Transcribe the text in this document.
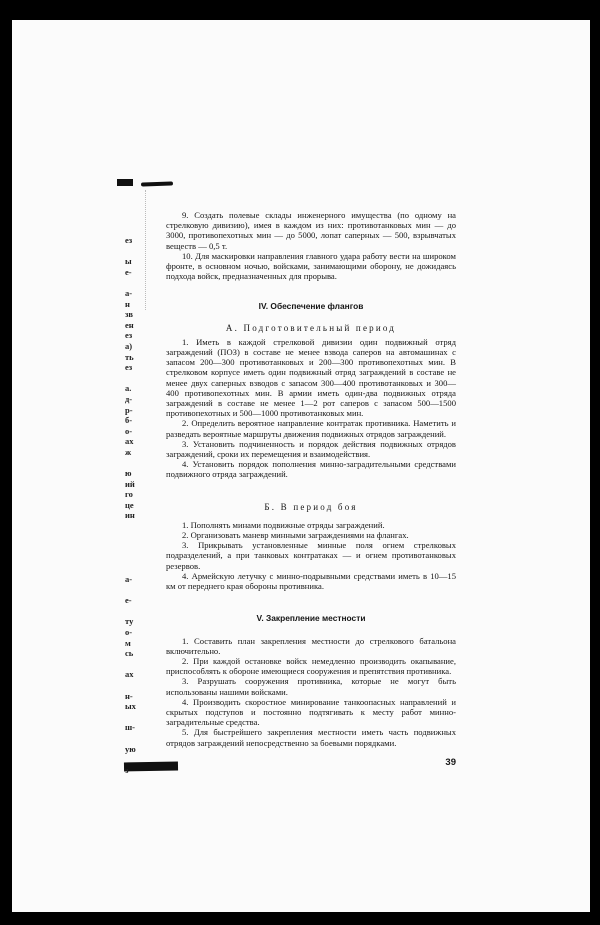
ез
ы
е-
а-
н
зв
ен
ез
а)
ть
ез
а.
д-
р-
б-
о-
ах
ж
ю
ий
го
це
ин
а-
е-
ту
о-
м
сь
ах
н-
ых
ш-
ую
з

9. Создать полевые склады инженерного имущества (по одному на стрелковую дивизию), имея в каждом из них: противотанковых мин — до 3000, противопехотных мин — до 5000, лопат саперных — 500, взрывчатых веществ — 0,5 т.

10. Для маскировки направления главного удара работу вести на широком фронте, в основном ночью, войсками, занимающими оборону, не дожидаясь подхода войск, предназначенных для прорыва.

IV. Обеспечение флангов

А. Подготовительный период

1. Иметь в каждой стрелковой дивизии один подвижный отряд заграждений (ПОЗ) в составе не менее взвода саперов на автомашинах с запасом 200—300 противотанковых и 200—300 противопехотных мин. В стрелковом корпусе иметь один подвижный отряд заграждений в составе не менее двух саперных взводов с запасом 300—400 противотанковых и 300—400 противопехотных мин. В армии иметь один-два подвижных отряда заграждений в составе не менее 1—2 рот саперов с запасом 500—1500 противопехотных и 500—1000 противотанковых мин.

2. Определить вероятное направление контратак противника. Наметить и разведать вероятные маршруты движения подвижных отрядов заграждений.

3. Установить подчиненность и порядок действия подвижных отрядов заграждений, сроки их перемещения и взаимодействия.

4. Установить порядок пополнения минно-заградительными средствами подвижного отряда заграждений.

Б. В период боя

1. Пополнять минами подвижные отряды заграждений.

2. Организовать маневр минными заграждениями на флангах.

3. Прикрывать установленные минные поля огнем стрелковых подразделений, а при танковых контратаках — и огнем противотанковых резервов.

4. Армейскую летучку с минно-подрывными средствами иметь в 10—15 км от переднего края обороны противника.

V. Закрепление местности

1. Составить план закрепления местности до стрелкового батальона включительно.

2. При каждой остановке войск немедленно производить окапывание, приспособлять к обороне имеющиеся сооружения и препятствия противника.

3. Разрушать сооружения противника, которые не могут быть использованы нашими войсками.

4. Производить скоростное минирование танкоопасных направлений и скрытых подступов и постоянно подтягивать к месту работ минно-заградительные средства.

5. Для быстрейшего закрепления местности иметь часть подвижных отрядов заграждений непосредственно за боевыми порядками.

39
